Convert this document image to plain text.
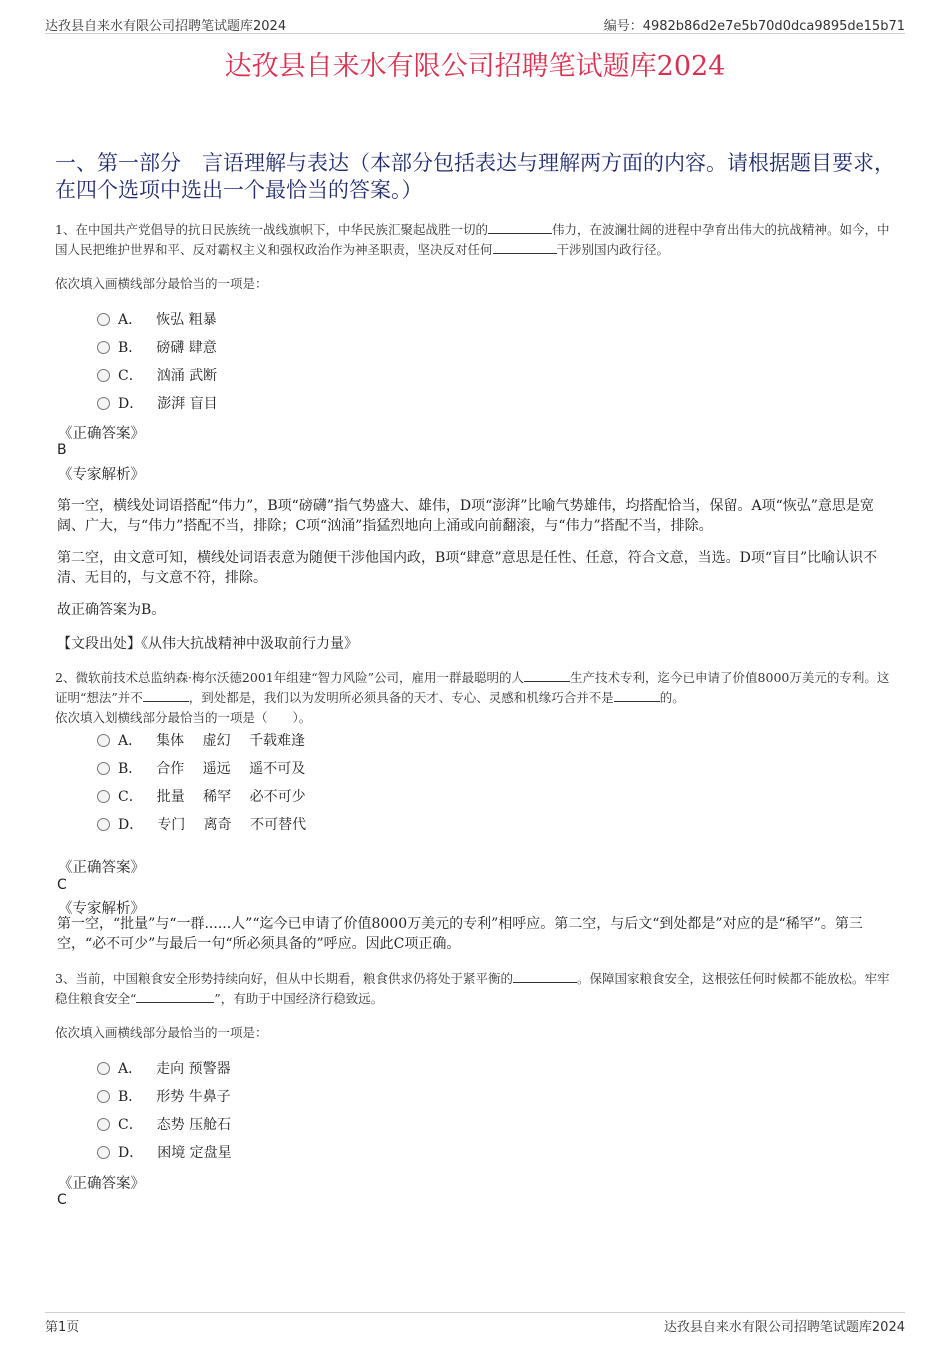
达孜县自来水有限公司招聘笔试题库2024	编号：4982b86d2e7e5b70d0dca9895de15b71
达孜县自来水有限公司招聘笔试题库2024
一、第一部分　言语理解与表达（本部分包括表达与理解两方面的内容。请根据题目要求，在四个选项中选出一个最恰当的答案。）
1、在中国共产党倡导的抗日民族统一战线旗帜下，中华民族汇聚起战胜一切的	伟力，在波澜壮阔的进程中孕育出伟大的抗战精神。如今，中国人民把维护世界和平、反对霸权主义和强权政治作为神圣职责，坚决反对任何	干涉别国内政行径。
依次填入画横线部分最恰当的一项是：
A． 恢弘 粗暴
B． 磅礴 肆意
C． 汹涌 武断
D． 澎湃 盲目
《正确答案》
B
《专家解析》
第一空，横线处词语搭配“伟力”，B项“磅礴”指气势盛大、雄伟，D项“澎湃”比喻气势雄伟，均搭配恰当，保留。A项“恢弘”意思是宽阔、广大，与“伟力”搭配不当，排除；C项“汹涌”指猛烈地向上涌或向前翻滚，与“伟力”搭配不当，排除。
第二空，由文意可知，横线处词语表意为随便干涉他国内政，B项“肆意”意思是任性、任意，符合文意，当选。D项“盲目”比喻认识不清、无目的，与文意不符，排除。
故正确答案为B。
【文段出处】《从伟大抗战精神中汲取前行力量》
2、微软前技术总监纳森·梅尔沃德2001年组建“智力风险”公司，雇用一群最聪明的人	生产技术专利，迄今已申请了价值8000万美元的专利。这证明“想法”并不	，到处都是，我们以为发明所必须具备的天才、专心、灵感和机缘巧合并不是	的。
依次填入划横线部分最恰当的一项是（　　）。
A． 集体　 虚幻　 千载难逢
B． 合作　 遥远　 遥不可及
C． 批量　 稀罕　 必不可少
D． 专门　 离奇　 不可替代
《正确答案》
C
《专家解析》
第一空，“批量”与“一群......人”“迄今已申请了价值8000万美元的专利”相呼应。第二空，与后文“到处都是”对应的是“稀罕”。第三空，“必不可少”与最后一句“所必须具备的”呼应。因此C项正确。
3、当前，中国粮食安全形势持续向好，但从中长期看，粮食供求仍将处于紧平衡的	。保障国家粮食安全，这根弦任何时候都不能放松。牢牢稳住粮食安全“	”，有助于中国经济行稳致远。
依次填入画横线部分最恰当的一项是：
A． 走向 预警器
B． 形势 牛鼻子
C． 态势 压舱石
D． 困境 定盘星
《正确答案》
C
第1页	达孜县自来水有限公司招聘笔试题库2024
